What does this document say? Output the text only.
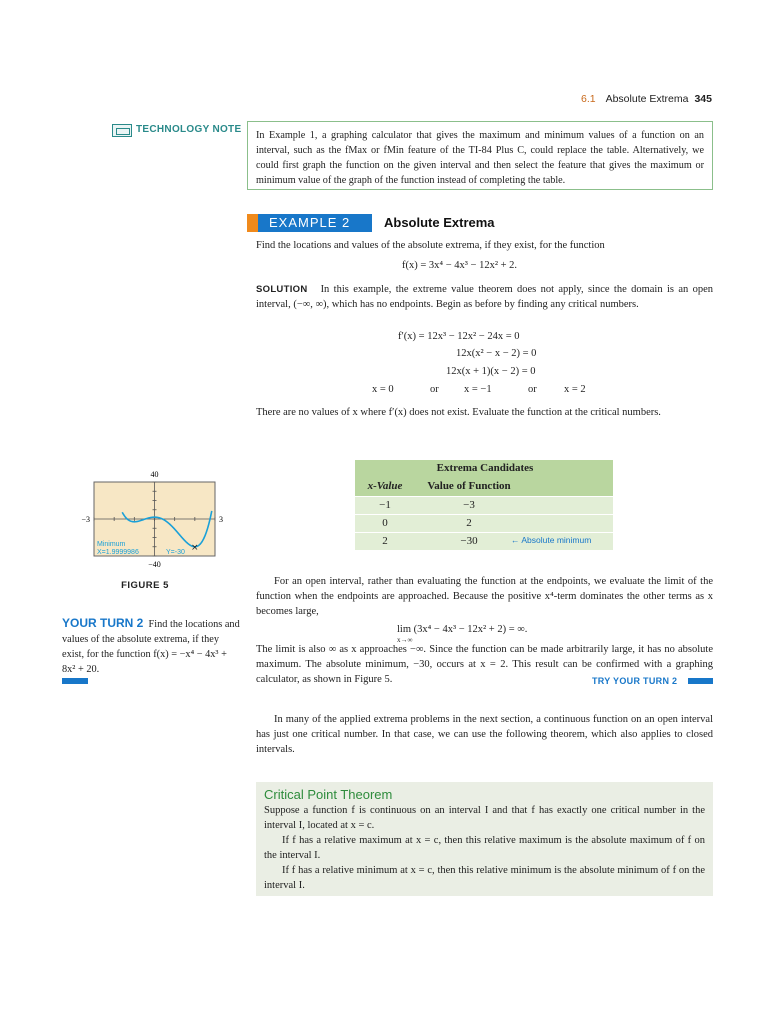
6.1 Absolute Extrema 345
TECHNOLOGY NOTE
In Example 1, a graphing calculator that gives the maximum and minimum values of a function on an interval, such as the fMax or fMin feature of the TI-84 Plus C, could replace the table. Alternatively, we could first graph the function on the given interval and then select the feature that gives the maximum or minimum value of the graph of the function instead of completing the table.
EXAMPLE 2	Absolute Extrema
Find the locations and values of the absolute extrema, if they exist, for the function
f(x) = 3x⁴ − 4x³ − 12x² + 2.
SOLUTION In this example, the extreme value theorem does not apply, since the domain is an open interval, (−∞, ∞), which has no endpoints. Begin as before by finding any critical numbers.
f′(x) = 12x³ − 12x² − 24x = 0
12x(x² − x − 2) = 0
12x(x + 1)(x − 2) = 0
x = 0	or x = −1	or	x = 2
There are no values of x where f′(x) does not exist. Evaluate the function at the critical numbers.
Extrema Candidates
x-Value	Value of Function
−1	−3
0	2
2	−30	← Absolute minimum
×
40
−40
−3	3
Minimum
X=1.9999986	Y=-30
FIGURE 5
YOUR TURN 2 Find the locations and values of the absolute extrema, if they exist, for the function f(x) = −x⁴ − 4x³ + 8x² + 20.
For an open interval, rather than evaluating the function at the endpoints, we evaluate the limit of the function when the endpoints are approached. Because the positive x⁴-term dominates the other terms as x becomes large,
lim (3x⁴ − 4x³ − 12x² + 2) = ∞.
x→∞
The limit is also ∞ as x approaches −∞. Since the function can be made arbitrarily large, it has no absolute maximum. The absolute minimum, −30, occurs at x = 2. This result can be confirmed with a graphing calculator, as shown in Figure 5.	TRY YOUR TURN 2
In many of the applied extrema problems in the next section, a continuous function on an open interval has just one critical number. In that case, we can use the following theorem, which also applies to closed intervals.
Critical Point Theorem

Suppose a function f is continuous on an interval I and that f has exactly one critical number in the interval I, located at x = c.

If f has a relative maximum at x = c, then this relative maximum is the absolute maximum of f on the interval I.

If f has a relative minimum at x = c, then this relative minimum is the absolute minimum of f on the interval I.
